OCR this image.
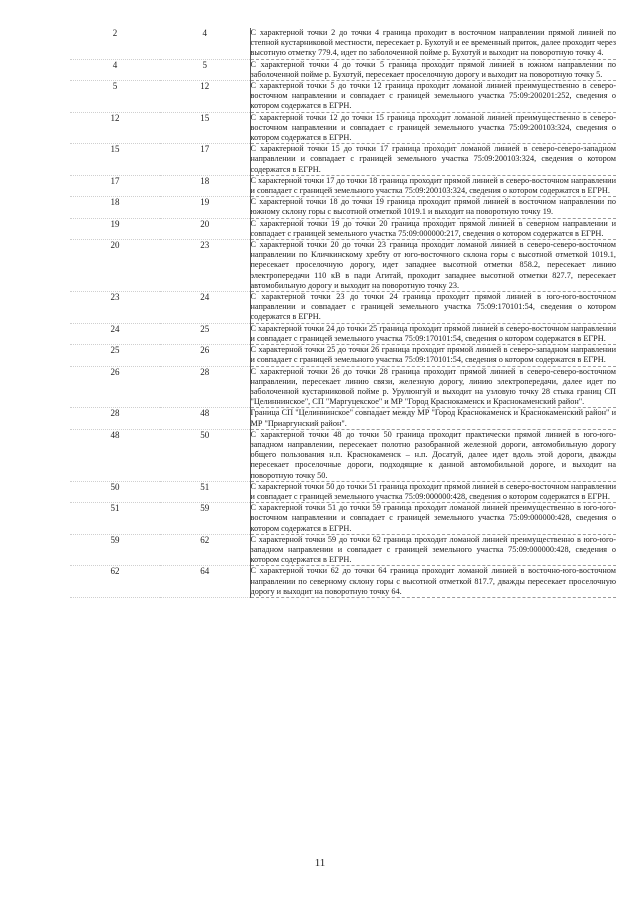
2	4	С характерной точки 2 до точки 4 граница проходит в восточном направлении прямой линией по степной кустарниковой местности, пересекает р. Бухотуй и ее временный приток, далее проходит через высотную отметку 779.4, идет по заболоченной пойме р. Бухотуй и выходит на поворотную точку 4.
4	5	С характерной точки 4 до точки 5 граница проходит прямой линией в южном направлении по заболоченной пойме р. Бухотуй, пересекает проселочную дорогу и выходит на поворотную точку 5.
5	12	С характерной точки 5 до точки 12 граница проходит ломаной линией преимущественно в северо-восточном направлении и совпадает с границей земельного участка 75:09:200201:252, сведения о котором содержатся в ЕГРН.
12	15	С характерной точки 12 до точки 15 граница проходит ломаной линией преимущественно в северо-восточном направлении и совпадает с границей земельного участка 75:09:200103:324, сведения о котором содержатся в ЕГРН.
15	17	С характерной точки 15 до точки 17 граница проходит ломаной линией в северо-северо-западном направлении и совпадает с границей земельного участка 75:09:200103:324, сведения о котором содержатся в ЕГРН.
17	18	С характерной точки 17 до точки 18 граница проходит прямой линией в северо-восточном направлении и совпадает с границей земельного участка 75:09:200103:324, сведения о котором содержатся в ЕГРН.
18	19	С характерной точки 18 до точки 19 граница проходит прямой линией в восточном направлении по южному склону горы с высотной отметкой 1019.1 и выходит на поворотную точку 19.
19	20	С характерной точки 19 до точки 20 граница проходит прямой линией в северном направлении и совпадает с границей земельного участка 75:09:000000:217, сведения о котором содержатся в ЕГРН.
20	23	С характерной точки 20 до точки 23 граница проходит ломаной линией в северо-северо-восточном направлении по Кличкинскому хребту от юго-восточного склона горы с высотной отметкой 1019.1, пересекает проселочную дорогу, идет западнее высотной отметки 858.2, пересекает линию электропередачи 110 кВ в пади Агитай, проходит западнее высотной отметки 827.7, пересекает автомобильную дорогу и выходит на поворотную точку 23.
23	24	С характерной точки 23 до точки 24 граница проходит прямой линией в юго-юго-восточном направлении и совпадает с границей земельного участка 75:09:170101:54, сведения о котором содержатся в ЕГРН.
24	25	С характерной точки 24 до точки 25 граница проходит прямой линией в северо-восточном направлении и совпадает с границей земельного участка 75:09:170101:54, сведения о котором содержатся в ЕГРН.
25	26	С характерной точки 25 до точки 26 граница проходит прямой линией в северо-западном направлении и совпадает с границей земельного участка 75:09:170101:54, сведения о котором содержатся в ЕГРН.
26	28	С характерной точки 26 до точки 28 граница проходит прямой линией в северо-северо-восточном направлении, пересекает линию связи, железную дорогу, линию электропередачи, далее идет по заболоченной кустарниковой пойме р. Урулюнгуй и выходит на узловую точку 28 стыка границ СП "Целиннинское", СП "Маргуцекское" и МР "Город Краснокаменск и Краснокаменский район".
28	48	Граница СП "Целиннинское" совпадает между МР "Город Краснокаменск и Краснокаменский район" и МР "Приаргунский район".
48	50	С характерной точки 48 до точки 50 граница проходит практически прямой линией в юго-юго-западном направлении, пересекает полотно разобранной железной дороги, автомобильную дорогу общего пользования н.п. Краснокаменск – н.п. Досатуй, далее идет вдоль этой дороги, дважды пересекает проселочные дороги, подходящие к данной автомобильной дороге, и выходит на поворотную точку 50.
50	51	С характерной точки 50 до точки 51 граница проходит прямой линией в северо-восточном направлении и совпадает с границей земельного участка 75:09:000000:428, сведения о котором содержатся в ЕГРН.
51	59	С характерной точки 51 до точки 59 граница проходит ломаной линией преимущественно в юго-юго-восточном направлении и совпадает с границей земельного участка 75:09:000000:428, сведения о котором содержатся в ЕГРН.
59	62	С характерной точки 59 до точки 62 граница проходит ломаной линией преимущественно в юго-юго-западном направлении и совпадает с границей земельного участка 75:09:000000:428, сведения о котором содержатся в ЕГРН.
62	64	С характерной точки 62 до точки 64 граница проходит ломаной линией в восточно-юго-восточном направлении по северному склону горы с высотной отметкой 817.7, дважды пересекает проселочную дорогу и выходит на поворотную точку 64.
11
